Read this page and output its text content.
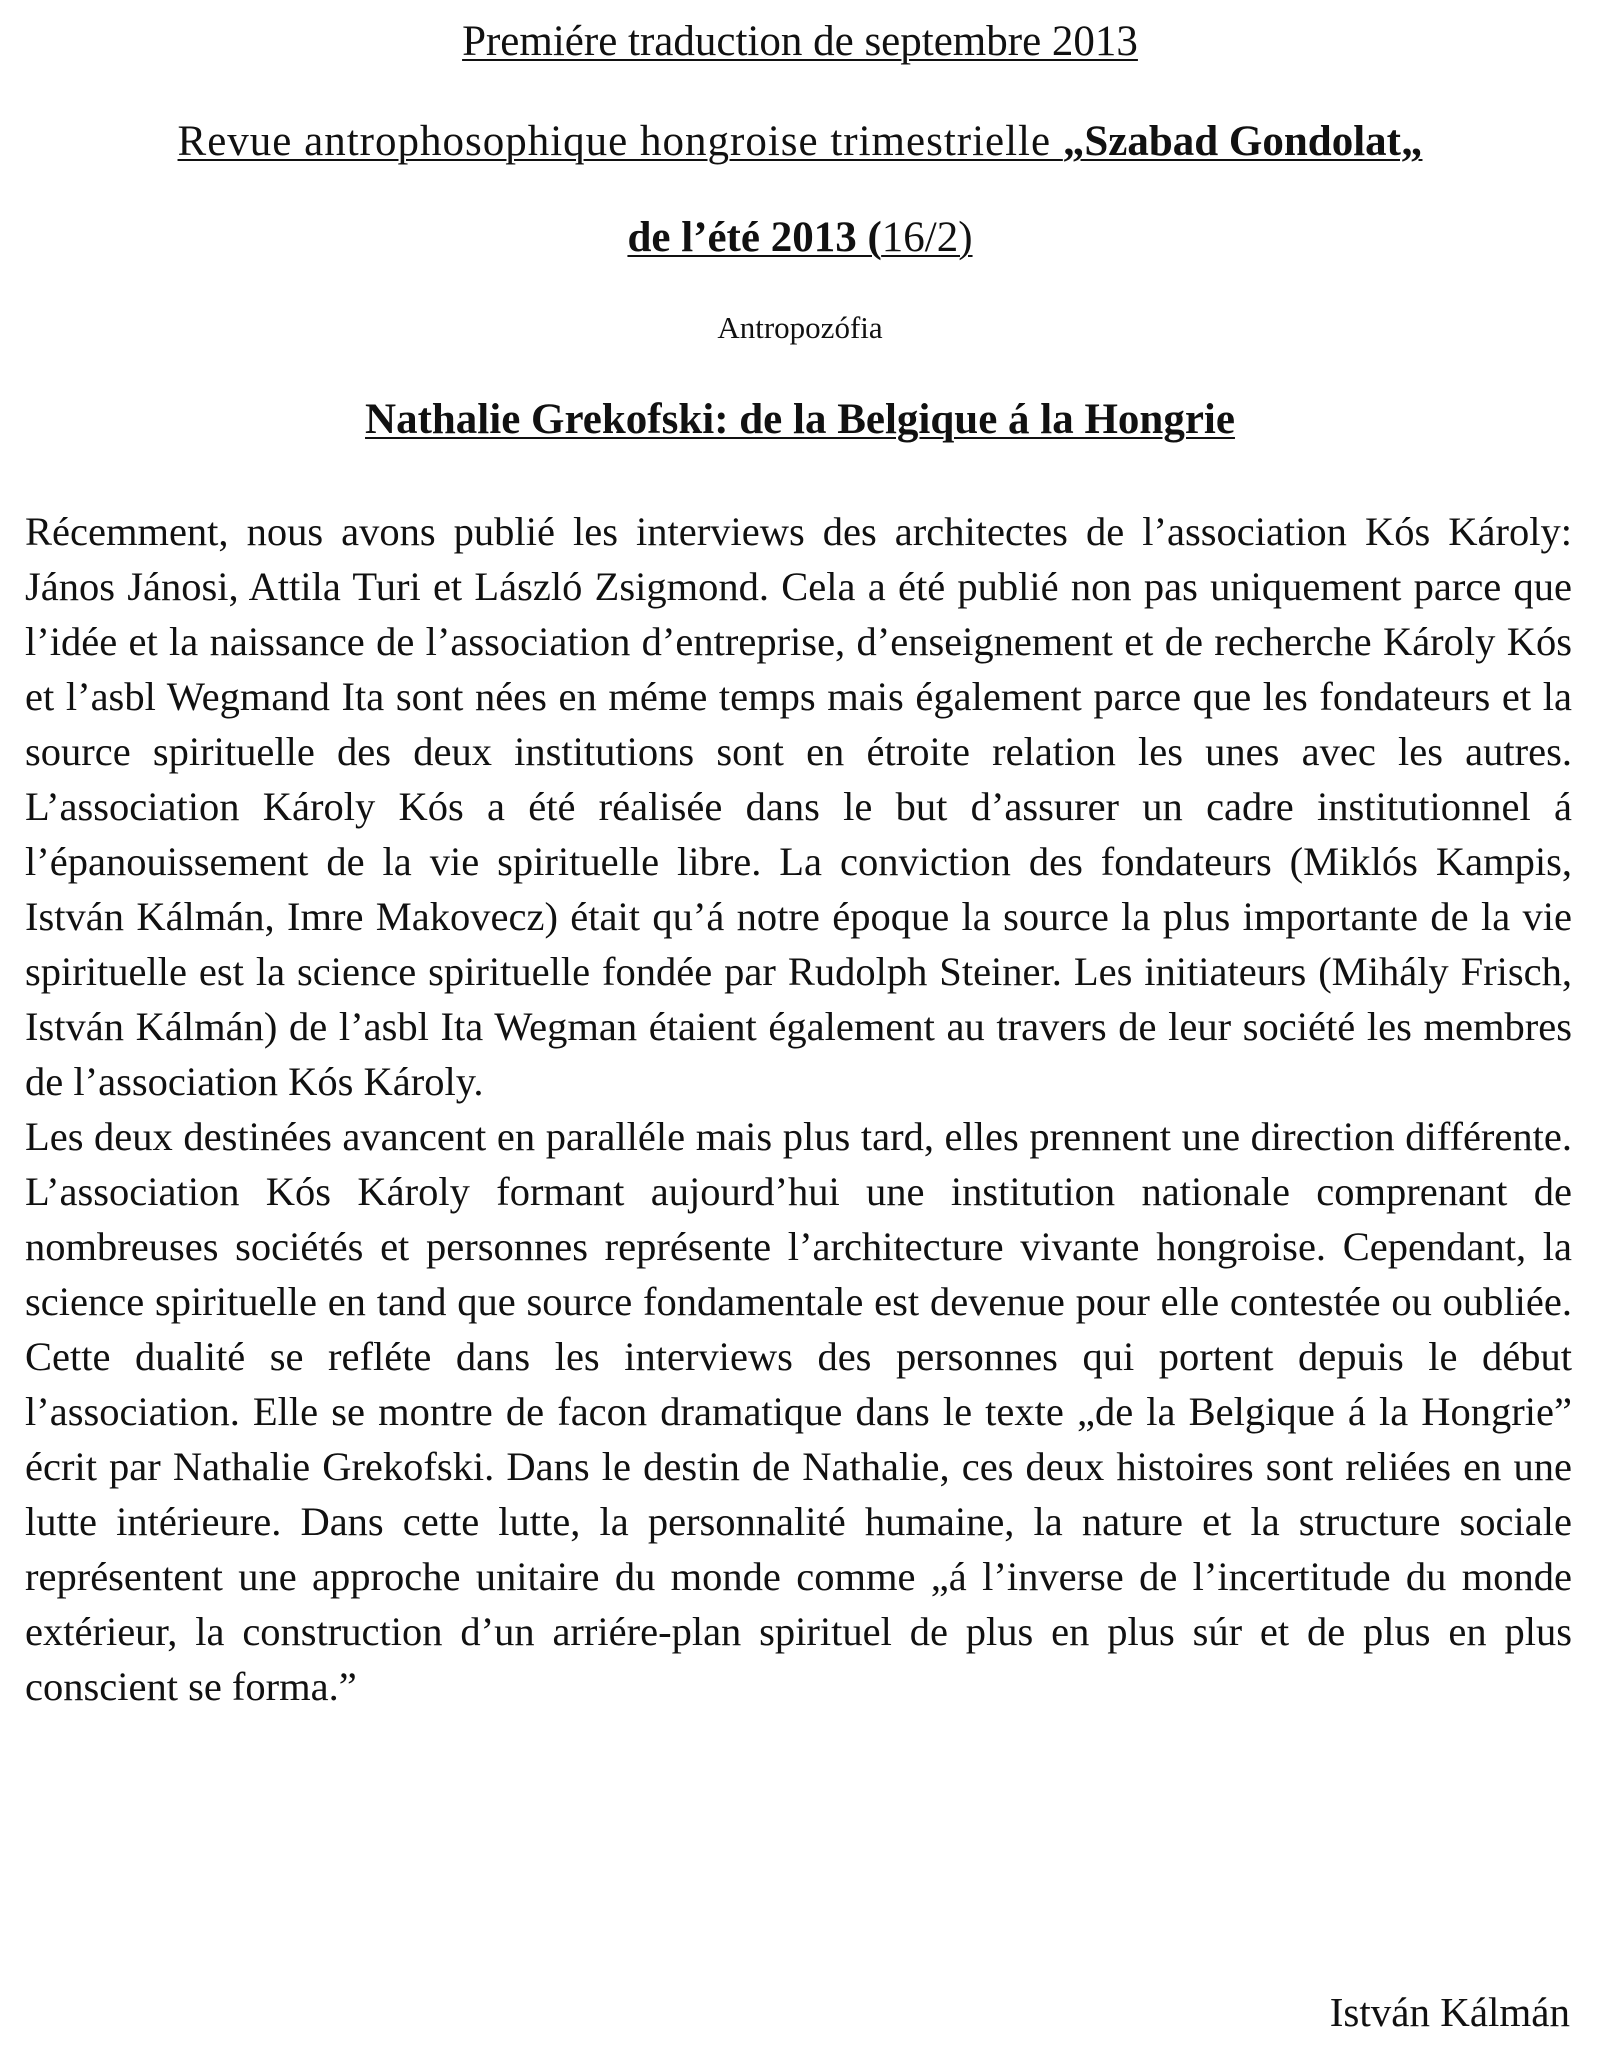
Premiére traduction de septembre 2013

Revue antrophosophique hongroise trimestrielle „Szabad Gondolat„

de l’été 2013 (16/2)

Antropozófia

Nathalie Grekofski: de la Belgique á la Hongrie

Récemment, nous avons publié les interviews des architectes de l’association Kós Károly: János Jánosi, Attila Turi et László Zsigmond. Cela a été publié non pas uniquement parce que l’idée et la naissance de l’association d’entreprise, d’enseignement et de recherche Károly Kós et l’asbl Wegmand Ita sont nées en méme temps mais également parce que les fondateurs et la source spirituelle des deux institutions sont en étroite relation les unes avec les autres. L’association Károly Kós a été réalisée dans le but d’assurer un cadre institutionnel á l’épanouissement de la vie spirituelle libre. La conviction des fondateurs (Miklós Kampis, István Kálmán, Imre Makovecz) était qu’á notre époque la source la plus importante de la vie spirituelle est la science spirituelle fondée par Rudolph Steiner. Les initiateurs (Mihály Frisch, István Kálmán) de l’asbl Ita Wegman étaient également au travers de leur société les membres de l’association Kós Károly.

Les deux destinées avancent en paralléle mais plus tard, elles prennent une direction différente. L’association Kós Károly formant aujourd’hui une institution nationale comprenant de nombreuses sociétés et personnes représente l’architecture vivante hongroise. Cependant, la science spirituelle en tand que source fondamentale est devenue pour elle contestée ou oubliée. Cette dualité se refléte dans les interviews des personnes qui portent depuis le début l’association. Elle se montre de facon dramatique dans le texte „de la Belgique á la Hongrie” écrit par Nathalie Grekofski. Dans le destin de Nathalie, ces deux histoires sont reliées en une lutte intérieure. Dans cette lutte, la personnalité humaine, la nature et la structure sociale représentent une approche unitaire du monde comme „á l’inverse de l’incertitude du monde extérieur, la construction d’un arriére-plan spirituel de plus en plus súr et de plus en plus conscient se forma.”

István Kálmán
